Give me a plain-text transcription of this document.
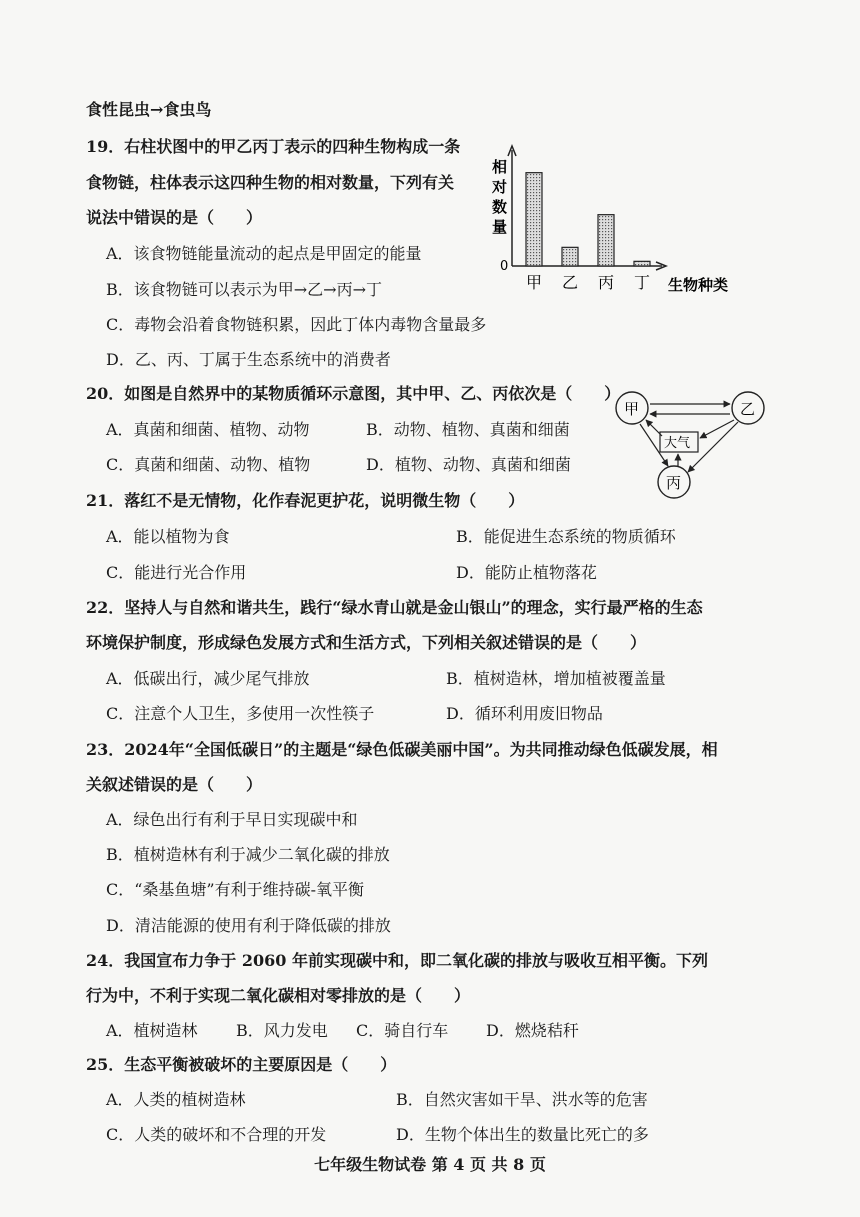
食性昆虫→食虫鸟
19．右柱状图中的甲乙丙丁表示的四种生物构成一条
食物链，柱体表示这四种生物的相对数量，下列有关
说法中错误的是（　　）
A．该食物链能量流动的起点是甲固定的能量
B．该食物链可以表示为甲→乙→丙→丁
C．毒物会沿着食物链积累，因此丁体内毒物含量最多
D．乙、丙、丁属于生态系统中的消费者
相对数量
0
甲 乙 丙 丁 生物种类
20．如图是自然界中的某物质循环示意图，其中甲、乙、丙依次是（　　）
A．真菌和细菌、植物、动物	B．动物、植物、真菌和细菌
C．真菌和细菌、动物、植物	D．植物、动物、真菌和细菌
甲	乙
丙
大气
21．落红不是无情物，化作春泥更护花，说明微生物（　　）
A．能以植物为食	B．能促进生态系统的物质循环
C．能进行光合作用	D．能防止植物落花
22．坚持人与自然和谐共生，践行“绿水青山就是金山银山”的理念，实行最严格的生态
环境保护制度，形成绿色发展方式和生活方式，下列相关叙述错误的是（　　）
A．低碳出行，减少尾气排放	B．植树造林，增加植被覆盖量
C．注意个人卫生，多使用一次性筷子	D．循环利用废旧物品
23．2024年“全国低碳日”的主题是“绿色低碳美丽中国”。为共同推动绿色低碳发展，相
关叙述错误的是（　　）
A．绿色出行有利于早日实现碳中和
B．植树造林有利于减少二氧化碳的排放
C．“桑基鱼塘”有利于维持碳-氧平衡
D．清洁能源的使用有利于降低碳的排放
24．我国宣布力争于 2060 年前实现碳中和，即二氧化碳的排放与吸收互相平衡。下列
行为中，不利于实现二氧化碳相对零排放的是（　　）
A．植树造林 B．风力发电 C．骑自行车 D．燃烧秸秆
25．生态平衡被破坏的主要原因是（　　）
A．人类的植树造林	B．自然灾害如干旱、洪水等的危害
C．人类的破坏和不合理的开发	D．生物个体出生的数量比死亡的多
七年级生物试卷 第 4 页 共 8 页
